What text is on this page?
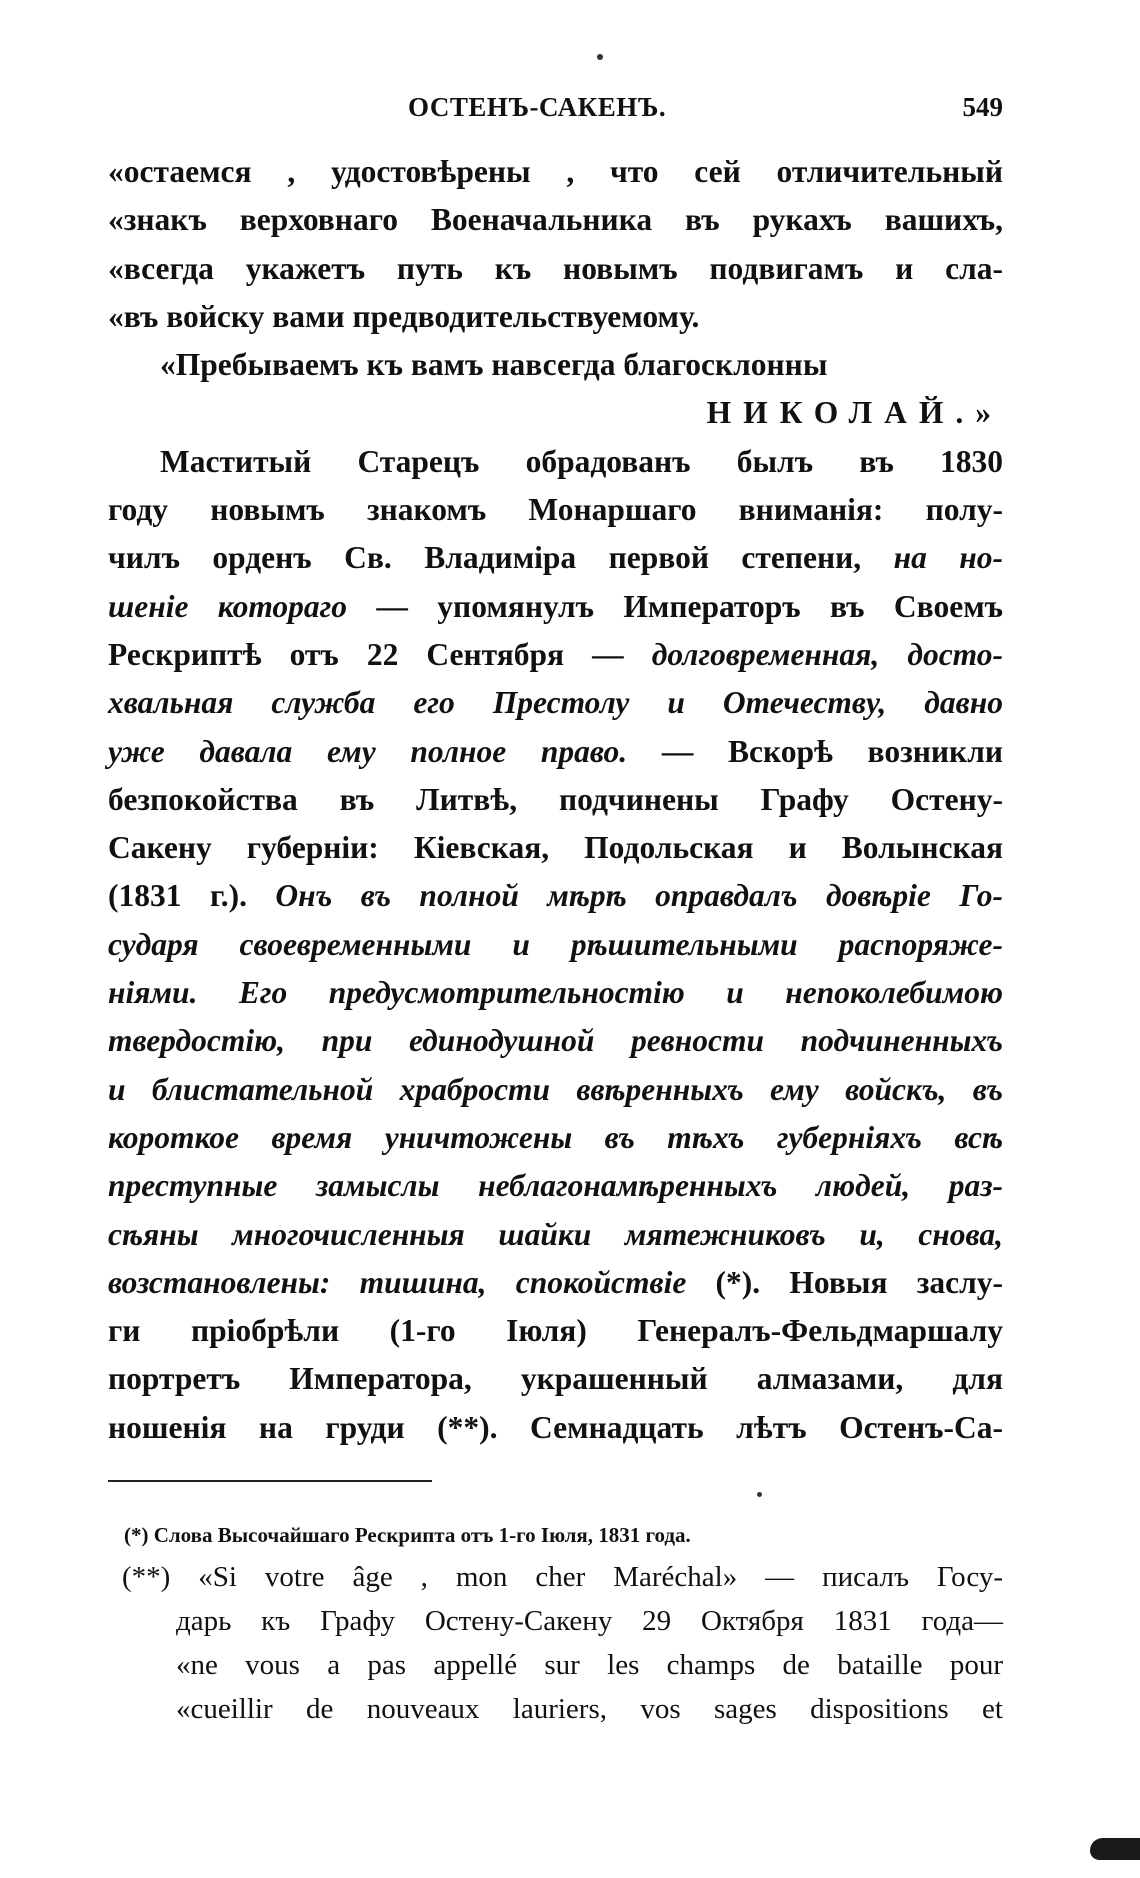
ОСТЕНЪ-САКЕНЪ.	549
«остаемся , удостовѣрены , что сей отличительный
«знакъ верховнаго Военачальника въ рукахъ вашихъ,
«всегда укажетъ путь къ новымъ подвигамъ и сла-
«въ войску вами предводительствуемому.
«Пребываемъ къ вамъ навсегда благосклонны
НИКОЛАЙ.»
Маститый Старецъ обрадованъ былъ въ 1830
году новымъ знакомъ Монаршаго вниманія: полу-
чилъ орденъ Св. Владиміра первой степени, на но-
шеніе котораго — упомянулъ Императоръ въ Своемъ
Рескриптѣ отъ 22 Сентября — долговременная, досто-
хвальная служба его Престолу и Отечеству, давно
уже давала ему полное право. — Вскорѣ возникли
безпокойства въ Литвѣ, подчинены Графу Остену-
Сакену губерніи: Кіевская, Подольская и Волынская
(1831 г.). Онъ въ полной мѣрѣ оправдалъ довѣріе Го-
сударя своевременными и рѣшительными распоряже-
ніями. Его предусмотрительностію и непоколебимою
твердостію, при единодушной ревности подчиненныхъ
и блистательной храбрости ввѣренныхъ ему войскъ, въ
короткое время уничтожены въ тѣхъ губерніяхъ всѣ
преступные замыслы неблагонамѣренныхъ людей, раз-
сѣяны многочисленныя шайки мятежниковъ и, снова,
возстановлены: тишина, спокойствіе (*). Новыя заслу-
ги пріобрѣли (1-го Іюля) Генералъ-Фельдмаршалу
портретъ Императора, украшенный алмазами, для
ношенія на груди (**). Семнадцать лѣтъ Остенъ-Са-
(*) Слова Высочайшаго Рескрипта отъ 1-го Іюля, 1831 года.
(**) «Si votre âge , mon cher Maréchal» — писалъ Госу-
дарь къ Графу Остену-Сакену 29 Октября 1831 года—
«ne vous a pas appellé sur les champs de bataille pour
«cueillir de nouveaux lauriers, vos sages dispositions et
